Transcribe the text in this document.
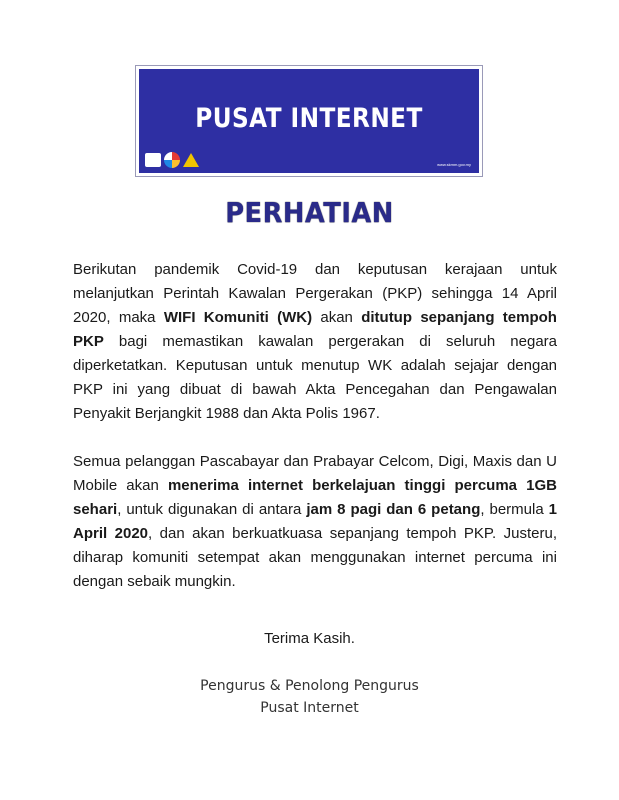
PUSAT INTERNET
www.skmm.gov.my
PERHATIAN

Berikutan pandemik Covid-19 dan keputusan kerajaan untuk melanjutkan Perintah Kawalan Pergerakan (PKP) sehingga 14 April 2020, maka WIFI Komuniti (WK) akan ditutup sepanjang tempoh PKP bagi memastikan kawalan pergerakan di seluruh negara diperketatkan. Keputusan untuk menutup WK adalah sejajar dengan PKP ini yang dibuat di bawah Akta Pencegahan dan Pengawalan Penyakit Berjangkit 1988 dan Akta Polis 1967.

Semua pelanggan Pascabayar dan Prabayar Celcom, Digi, Maxis dan U Mobile akan menerima internet berkelajuan tinggi percuma 1GB sehari, untuk digunakan di antara jam 8 pagi dan 6 petang, bermula 1 April 2020, dan akan berkuatkuasa sepanjang tempoh PKP. Justeru, diharap komuniti setempat akan menggunakan internet percuma ini dengan sebaik mungkin.

Terima Kasih.
Pengurus & Penolong Pengurus
Pusat Internet
